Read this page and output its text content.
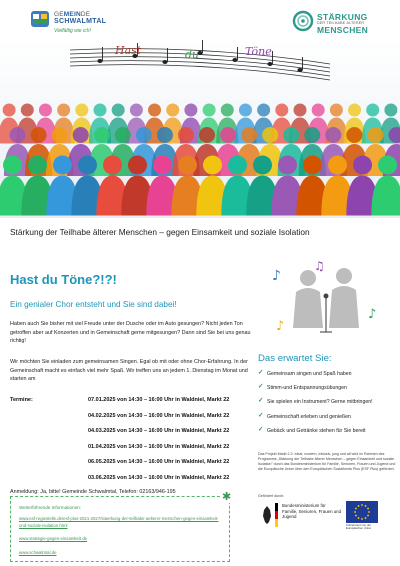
GEMEINDE
SCHWALMTAL
Vielfältig wie ich!
STÄRKUNG
DER TEILHABE ÄLTERER
MENSCHEN
Hast	du	Töne
Stärkung der Teilhabe älterer Menschen – gegen Einsamkeit und soziale Isolation
Hast du Töne?!?!
Ein genialer Chor entsteht und Sie sind dabei!
Haben auch Sie bisher mit viel Freude unter der Dusche oder im Auto gesungen? Nicht jeden Ton getroffen aber auf Konzerten und in Gemeinschaft gerne mitgesungen? Dann sind Sie bei uns genau richtig!
Wir möchten Sie einladen zum gemeinsamen Singen. Egal ob mit oder ohne Chor-Erfahrung. In der Gemeinschaft macht es einfach viel mehr Spaß. Wir treffen uns an jedem 1. Dienstag im Monat und starten am
Termine:	07.01.2025 von 14:30 – 16:00 Uhr in Waldniel, Markt 22
04.02.2025 von 14:30 – 16:00 Uhr in Waldniel, Markt 22
04.03.2025 von 14:30 – 16:00 Uhr in Waldniel, Markt 22
01.04.2025 von 14:30 – 16:00 Uhr in Waldniel, Markt 22
06.05.2025 von 14:30 – 16:00 Uhr in Waldniel, Markt 22
03.06.2025 von 14:30 – 16:00 Uhr in Waldniel, Markt 22
Anmeldung: Ja, bitte! Gemeinde Schwalmtal, Telefon: 02163/946-195	✱
Weiterführende Informationen:
www.esf-regiestelle.de/esf-plus-2021-2027/staerkung-der-teilhabe-aelterer-menschen-gegen-einsamkeit-und-soziale-isolation.html
www.strategie-gegen-einsamkeit.de
www.schwalmtal.de
♪
♫
♪
♪
Das erwartet Sie:
✓ Gemeinsam singen und Spaß haben
✓ Stimm-und Entspannungsübungen
✓ Sie spielen ein Instrument? Gerne mitbringen!
✓ Gemeinschaft erleben und genießen
✓ Gebäck und Getränke stehen für Sie bereit
Das Projekt Markt 2.2: Ideal, modern, inklusiv, jung und alt wird im Rahmen des Programms „Stärkung der Teilhabe älterer Menschen – gegen Einsamkeit und soziale Isolation" durch das Bundesministerium für Familie, Senioren, Frauen und Jugend und die Europäische Union über den Europäischen Sozialfonds Plus (ESF Plus) gefördert.
Gefördert durch:
Bundesministerium für Familie, Senioren, Frauen und Jugend
Kofinanziert von der Europäischen Union
